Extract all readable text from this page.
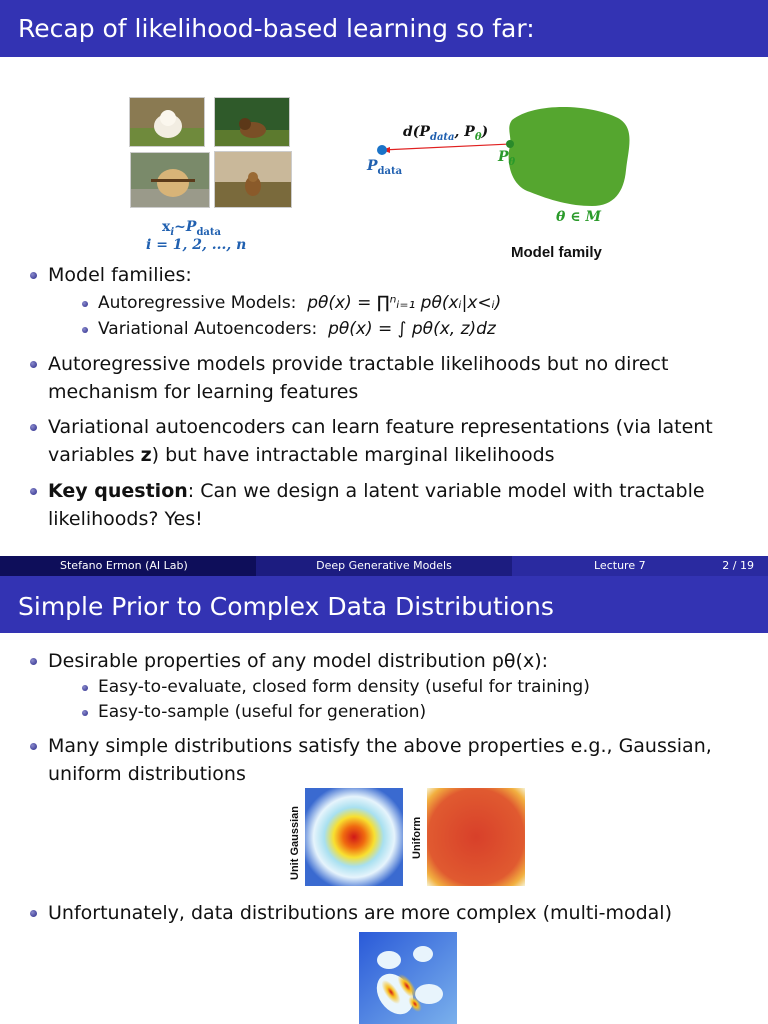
Recap of likelihood-based learning so far:
$x_i\sim P_{data}$
i = 1, 2, ..., n
$d(P_{data}$, $P_\theta$)
$P_{data}$
$P_\theta$
θ ∈ M
Model family
Model families:
Autoregressive Models: pθ(x) = ∏ⁿᵢ₌₁ pθ(xᵢ|x<ᵢ)
Variational Autoencoders: pθ(x) = ∫ pθ(x, z)dz
Autoregressive models provide tractable likelihoods but no direct mechanism for learning features
Variational autoencoders can learn feature representations (via latent variables z) but have intractable marginal likelihoods
Key question: Can we design a latent variable model with tractable likelihoods? Yes!
Stefano Ermon (AI Lab)	Deep Generative Models	Lecture 7	2 / 19
Simple Prior to Complex Data Distributions
Desirable properties of any model distribution pθ(x):
Easy-to-evaluate, closed form density (useful for training)
Easy-to-sample (useful for generation)
Many simple distributions satisfy the above properties e.g., Gaussian, uniform distributions
Unit Gaussian	Uniform
Unfortunately, data distributions are more complex (multi-modal)
